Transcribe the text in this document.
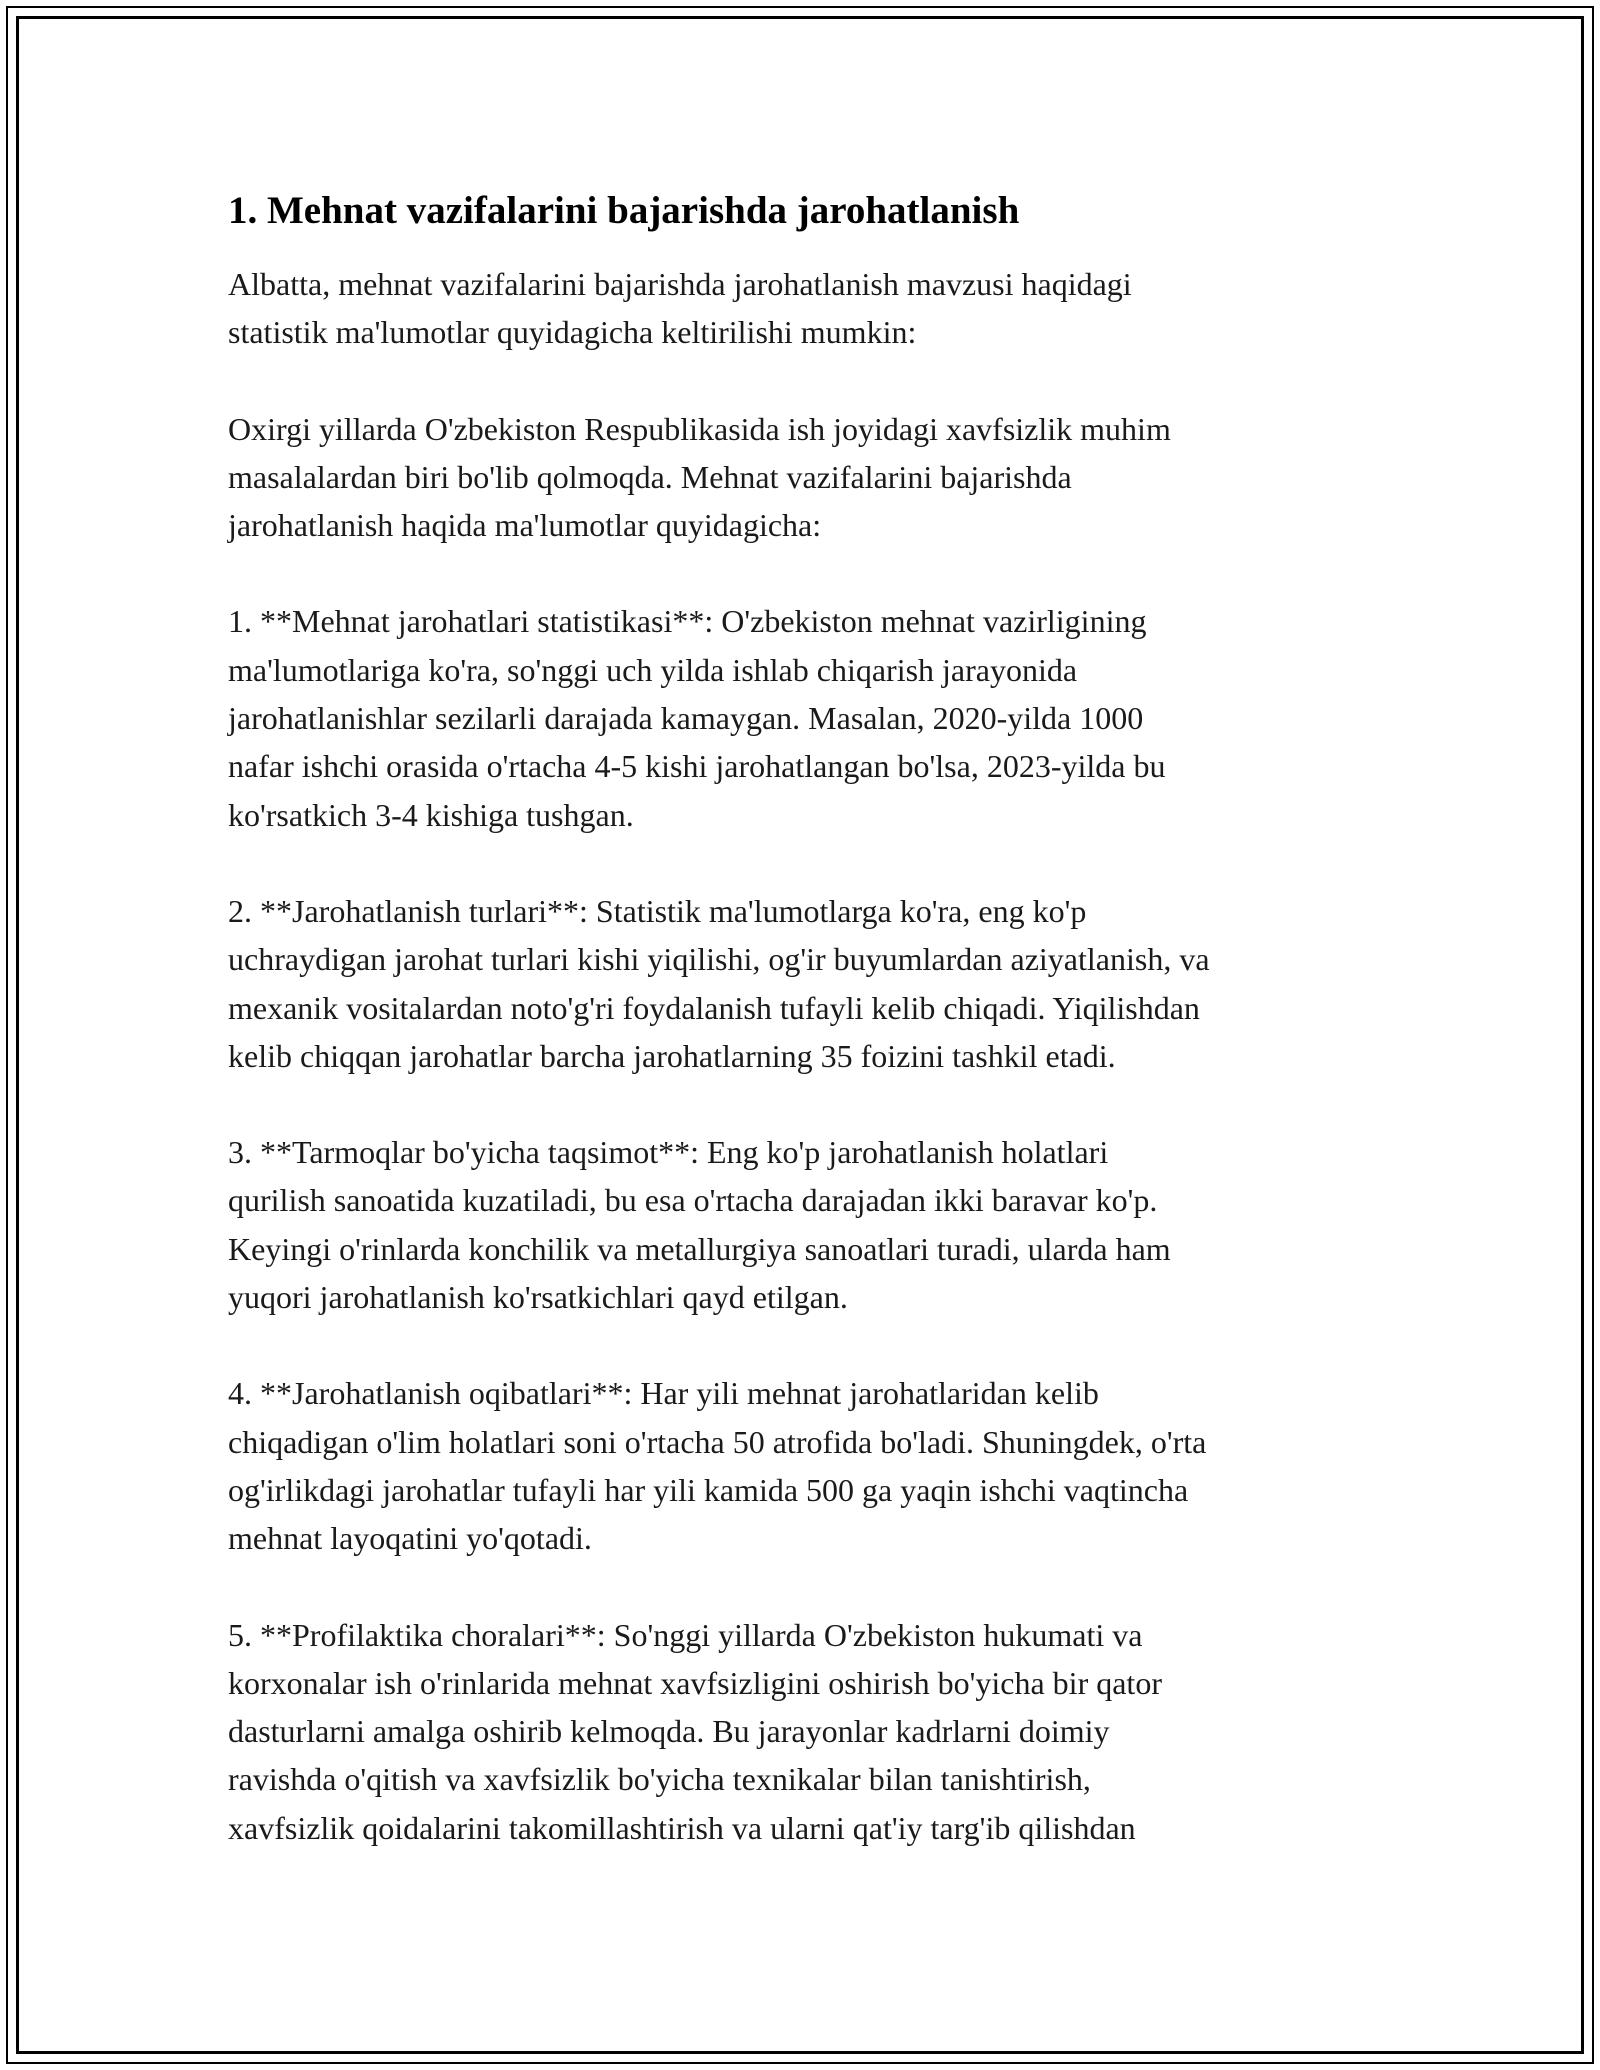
1. Mehnat vazifalarini bajarishda jarohatlanish

Albatta, mehnat vazifalarini bajarishda jarohatlanish mavzusi haqidagi
statistik ma'lumotlar quyidagicha keltirilishi mumkin:

Oxirgi yillarda O'zbekiston Respublikasida ish joyidagi xavfsizlik muhim
masalalardan biri bo'lib qolmoqda. Mehnat vazifalarini bajarishda
jarohatlanish haqida ma'lumotlar quyidagicha:

1. **Mehnat jarohatlari statistikasi**: O'zbekiston mehnat vazirligining
ma'lumotlariga ko'ra, so'nggi uch yilda ishlab chiqarish jarayonida
jarohatlanishlar sezilarli darajada kamaygan. Masalan, 2020-yilda 1000
nafar ishchi orasida o'rtacha 4-5 kishi jarohatlangan bo'lsa, 2023-yilda bu
ko'rsatkich 3-4 kishiga tushgan.

2. **Jarohatlanish turlari**: Statistik ma'lumotlarga ko'ra, eng ko'p
uchraydigan jarohat turlari kishi yiqilishi, og'ir buyumlardan aziyatlanish, va
mexanik vositalardan noto'g'ri foydalanish tufayli kelib chiqadi. Yiqilishdan
kelib chiqqan jarohatlar barcha jarohatlarning 35 foizini tashkil etadi.

3. **Tarmoqlar bo'yicha taqsimot**: Eng ko'p jarohatlanish holatlari
qurilish sanoatida kuzatiladi, bu esa o'rtacha darajadan ikki baravar ko'p.
Keyingi o'rinlarda konchilik va metallurgiya sanoatlari turadi, ularda ham
yuqori jarohatlanish ko'rsatkichlari qayd etilgan.

4. **Jarohatlanish oqibatlari**: Har yili mehnat jarohatlaridan kelib
chiqadigan o'lim holatlari soni o'rtacha 50 atrofida bo'ladi. Shuningdek, o'rta
og'irlikdagi jarohatlar tufayli har yili kamida 500 ga yaqin ishchi vaqtincha
mehnat layoqatini yo'qotadi.

5. **Profilaktika choralari**: So'nggi yillarda O'zbekiston hukumati va
korxonalar ish o'rinlarida mehnat xavfsizligini oshirish bo'yicha bir qator
dasturlarni amalga oshirib kelmoqda. Bu jarayonlar kadrlarni doimiy
ravishda o'qitish va xavfsizlik bo'yicha texnikalar bilan tanishtirish,
xavfsizlik qoidalarini takomillashtirish va ularni qat'iy targ'ib qilishdan
